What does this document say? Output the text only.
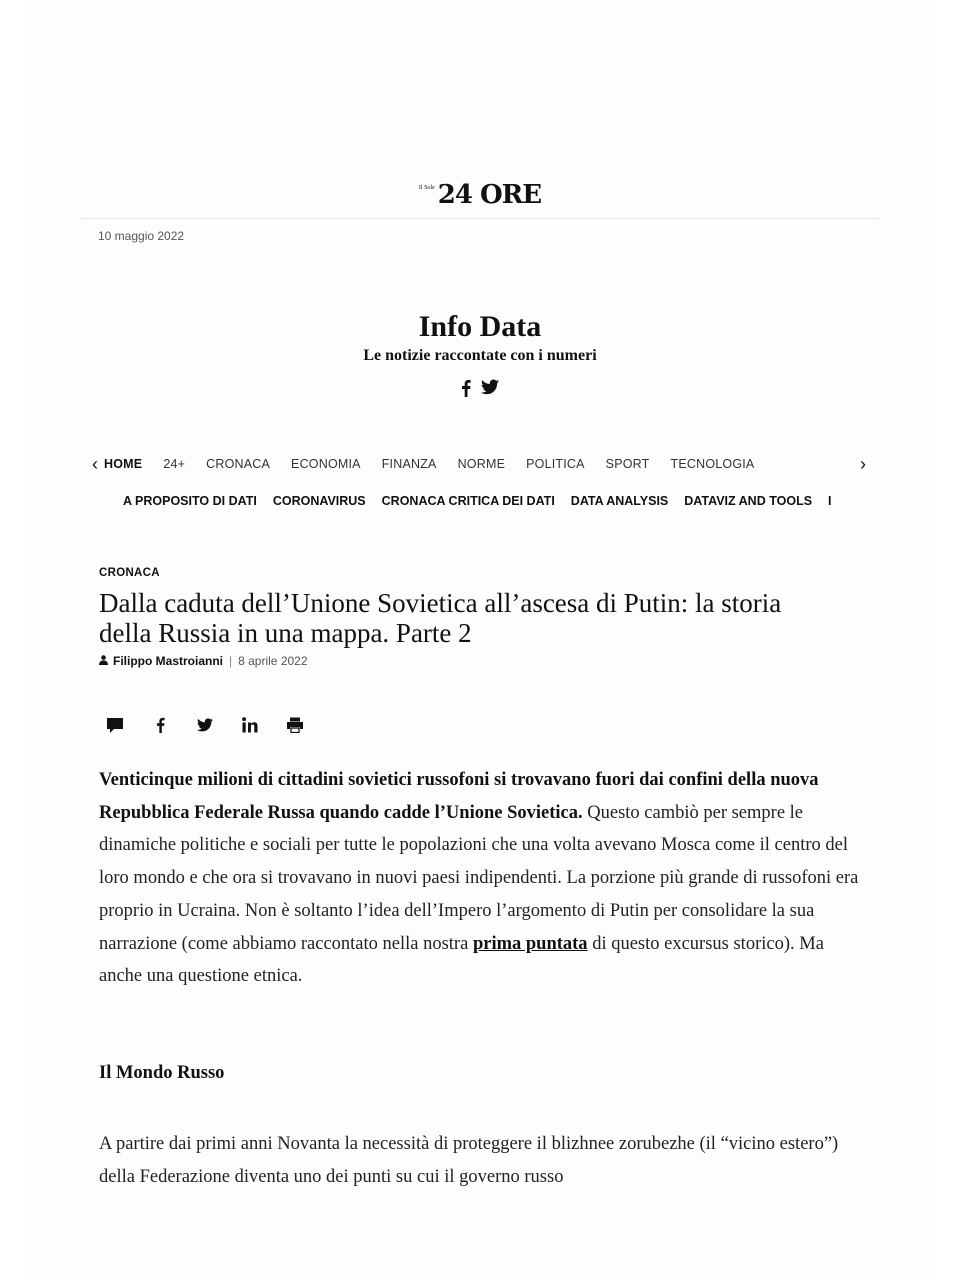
Il Sole 24 ORE
10 maggio 2022
Info Data
Le notizie raccontate con i numeri
‹ HOME 24+ CRONACA ECONOMIA FINANZA NORME POLITICA SPORT TECNOLOGIA	›
A PROPOSITO DI DATI CORONAVIRUS CRONACA CRITICA DEI DATI DATA ANALYSIS DATAVIZ AND TOOLS I
CRONACA
Dalla caduta dell’Unione Sovietica all’ascesa di Putin: la storia della Russia in una mappa. Parte 2
Filippo Mastroianni | 8 aprile 2022

Venticinque milioni di cittadini sovietici russofoni si trovavano fuori dai confini della nuova Repubblica Federale Russa quando cadde l’Unione Sovietica. Questo cambiò per sempre le dinamiche politiche e sociali per tutte le popolazioni che una volta avevano Mosca come il centro del loro mondo e che ora si trovavano in nuovi paesi indipendenti. La porzione più grande di russofoni era proprio in Ucraina. Non è soltanto l’idea dell’Impero l’argomento di Putin per consolidare la sua narrazione (come abbiamo raccontato nella nostra prima puntata di questo excursus storico). Ma anche una questione etnica.

Il Mondo Russo

A partire dai primi anni Novanta la necessità di proteggere il blizhnee zorubezhe (il “vicino estero”) della Federazione diventa uno dei punti su cui il governo russo
